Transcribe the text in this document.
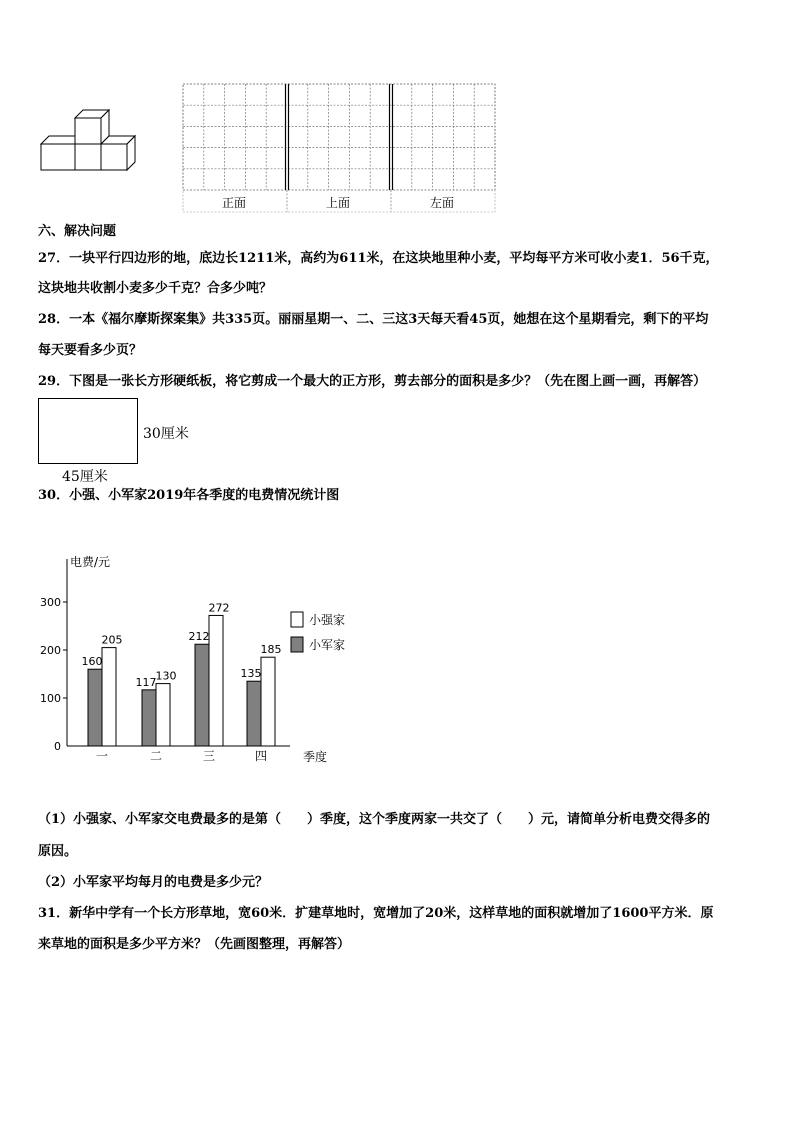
正面	上面	左面
六、解决问题
27．一块平行四边形的地，底边长1211米，高约为611米，在这块地里种小麦，平均每平方米可收小麦1．56千克，
这块地共收割小麦多少千克？合多少吨？
28．一本《福尔摩斯探案集》共335页。丽丽星期一、二、三这3天每天看45页，她想在这个星期看完，剩下的平均
每天要看多少页？
29．下图是一张长方形硬纸板，将它剪成一个最大的正方形，剪去部分的面积是多少？（先在图上画一画，再解答）
30厘米
45厘米
30．小强、小军家2019年各季度的电费情况统计图
0
100
200
300
160
205
一
117 130
二
212
272
三
135
185
四
小强家
小军家
电费/元
季度
（1）小强家、小军家交电费最多的是第（　　）季度，这个季度两家一共交了（　　）元，请简单分析电费交得多的
原因。
（2）小军家平均每月的电费是多少元？
31．新华中学有一个长方形草地，宽60米．扩建草地时，宽增加了20米，这样草地的面积就增加了1600平方米．原
来草地的面积是多少平方米？（先画图整理，再解答）
